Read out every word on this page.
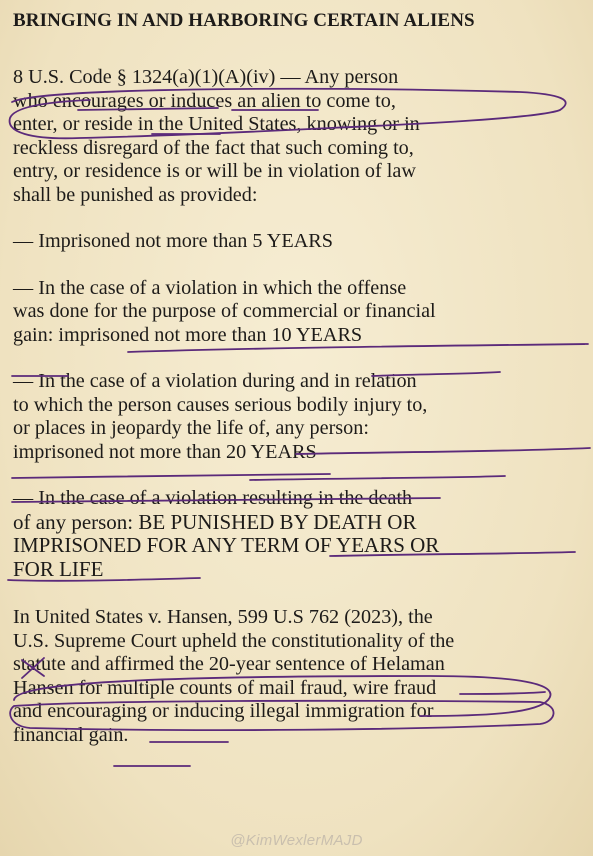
BRINGING IN AND HARBORING CERTAIN ALIENS

8 U.S. Code § 1324(a)(1)(A)(iv) — Any person
who encourages or induces an alien to come to,
enter, or reside in the United States, knowing or in
reckless disregard of the fact that such coming to,
entry, or residence is or will be in violation of law
shall be punished as provided:

— Imprisoned not more than 5 YEARS

— In the case of a violation in which the offense
was done for the purpose of commercial or financial
gain: imprisoned not more than 10 YEARS

— In the case of a violation during and in relation
to which the person causes serious bodily injury to,
or places in jeopardy the life of, any person:
imprisoned not more than 20 YEARS

— In the case of a violation resulting in the death
of any person: BE PUNISHED BY DEATH OR
IMPRISONED FOR ANY TERM OF YEARS OR
FOR LIFE

In United States v. Hansen, 599 U.S 762 (2023), the
U.S. Supreme Court upheld the constitutionality of the
statute and affirmed the 20-year sentence of Helaman
Hansen for multiple counts of mail fraud, wire fraud
and encouraging or inducing illegal immigration for
financial gain.

@KimWexlerMAJD
